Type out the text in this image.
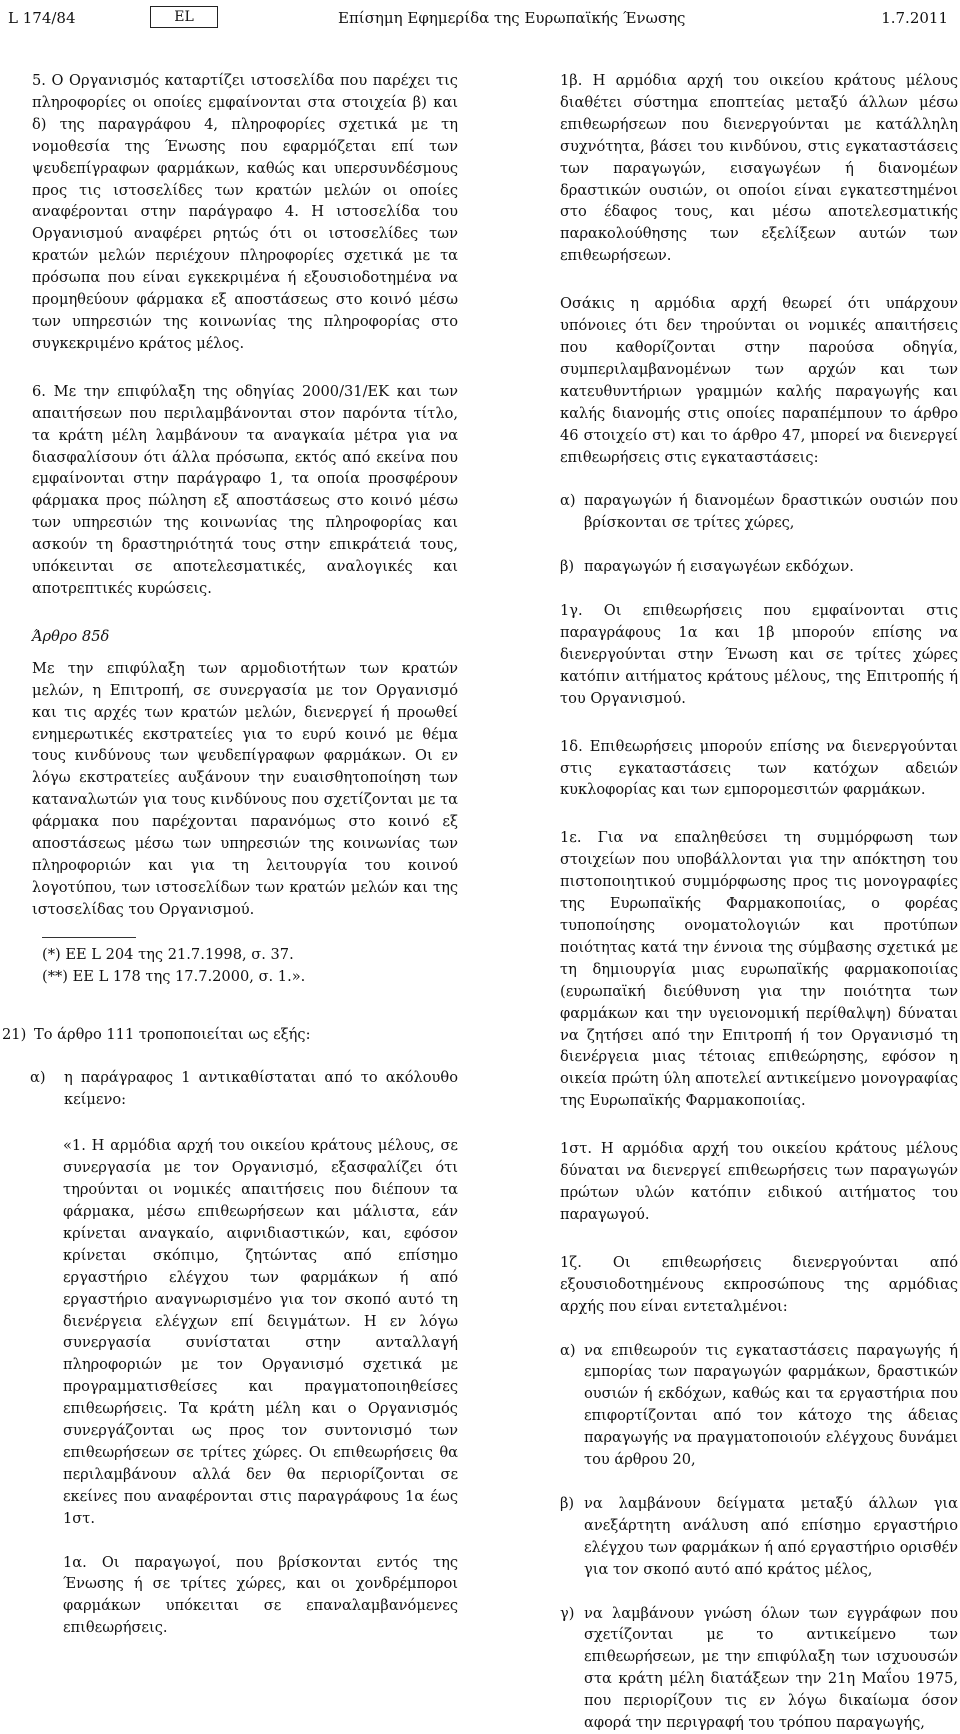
L 174/84	EL	Επίσημη Εφημερίδα της Ευρωπαϊκής Ένωσης	1.7.2011

5. Ο Οργανισμός καταρτίζει ιστοσελίδα που παρέχει τις πληροφορίες οι οποίες εμφαίνονται στα στοιχεία β) και δ) της παραγράφου 4, πληροφορίες σχετικά με τη νομοθεσία της Ένωσης που εφαρμόζεται επί των ψευδεπίγραφων φαρμάκων, καθώς και υπερσυνδέσμους προς τις ιστοσελίδες των κρατών μελών οι οποίες αναφέρονται στην παράγραφο 4. Η ιστοσελίδα του Οργανισμού αναφέρει ρητώς ότι οι ιστοσελίδες των κρατών μελών περιέχουν πληροφορίες σχετικά με τα πρόσωπα που είναι εγκεκριμένα ή εξουσιοδοτημένα να προμηθεύουν φάρμακα εξ αποστάσεως στο κοινό μέσω των υπηρεσιών της κοινωνίας της πληροφορίας στο συγκεκριμένο κράτος μέλος.

6. Με την επιφύλαξη της οδηγίας 2000/31/ΕΚ και των απαιτήσεων που περιλαμβάνονται στον παρόντα τίτλο, τα κράτη μέλη λαμβάνουν τα αναγκαία μέτρα για να διασφαλίσουν ότι άλλα πρόσωπα, εκτός από εκείνα που εμφαίνονται στην παράγραφο 1, τα οποία προσφέρουν φάρμακα προς πώληση εξ αποστάσεως στο κοινό μέσω των υπηρεσιών της κοινωνίας της πληροφορίας και ασκούν τη δραστηριότητά τους στην επικράτειά τους, υπόκεινται σε αποτελεσματικές, αναλογικές και αποτρεπτικές κυρώσεις.

Άρθρο 85δ

Με την επιφύλαξη των αρμοδιοτήτων των κρατών μελών, η Επιτροπή, σε συνεργασία με τον Οργανισμό και τις αρχές των κρατών μελών, διενεργεί ή προωθεί ενημερωτικές εκστρατείες για το ευρύ κοινό με θέμα τους κινδύνους των ψευδεπίγραφων φαρμάκων. Οι εν λόγω εκστρατείες αυξάνουν την ευαισθητοποίηση των καταναλωτών για τους κινδύνους που σχετίζονται με τα φάρμακα που παρέχονται παρανόμως στο κοινό εξ αποστάσεως μέσω των υπηρεσιών της κοινωνίας των πληροφοριών και για τη λειτουργία του κοινού λογοτύπου, των ιστοσελίδων των κρατών μελών και της ιστοσελίδας του Οργανισμού.

(*) ΕΕ L 204 της 21.7.1998, σ. 37.
(**) ΕΕ L 178 της 17.7.2000, σ. 1.».
21) Το άρθρο 111 τροποποιείται ως εξής:
α)	η παράγραφος 1 αντικαθίσταται από το ακόλουθο κείμενο:

«1. Η αρμόδια αρχή του οικείου κράτους μέλους, σε συνεργασία με τον Οργανισμό, εξασφαλίζει ότι τηρούνται οι νομικές απαιτήσεις που διέπουν τα φάρμακα, μέσω επιθεωρήσεων και μάλιστα, εάν κρίνεται αναγκαίο, αιφνιδιαστικών, και, εφόσον κρίνεται σκόπιμο, ζητώντας από επίσημο εργαστήριο ελέγχου των φαρμάκων ή από εργαστήριο αναγνωρισμένο για τον σκοπό αυτό τη διενέργεια ελέγχων επί δειγμάτων. Η εν λόγω συνεργασία συνίσταται στην ανταλλαγή πληροφοριών με τον Οργανισμό σχετικά με προγραμματισθείσες και πραγματοποιηθείσες επιθεωρήσεις. Τα κράτη μέλη και ο Οργανισμός συνεργάζονται ως προς τον συντονισμό των επιθεωρήσεων σε τρίτες χώρες. Οι επιθεωρήσεις θα περιλαμβάνουν αλλά δεν θα περιορίζονται σε εκείνες που αναφέρονται στις παραγράφους 1α έως 1στ.

1α. Οι παραγωγοί, που βρίσκονται εντός της Ένωσης ή σε τρίτες χώρες, και οι χονδρέμποροι φαρμάκων υπόκειται σε επαναλαμβανόμενες επιθεωρήσεις.

1β. Η αρμόδια αρχή του οικείου κράτους μέλους διαθέτει σύστημα εποπτείας μεταξύ άλλων μέσω επιθεωρήσεων που διενεργούνται με κατάλληλη συχνότητα, βάσει του κινδύνου, στις εγκαταστάσεις των παραγωγών, εισαγωγέων ή διανομέων δραστικών ουσιών, οι οποίοι είναι εγκατεστημένοι στο έδαφος τους, και μέσω αποτελεσματικής παρακολούθησης των εξελίξεων αυτών των επιθεωρήσεων.

Οσάκις η αρμόδια αρχή θεωρεί ότι υπάρχουν υπόνοιες ότι δεν τηρούνται οι νομικές απαιτήσεις που καθορίζονται στην παρούσα οδηγία, συμπεριλαμβανομένων των αρχών και των κατευθυντήριων γραμμών καλής παραγωγής και καλής διανομής στις οποίες παραπέμπουν το άρθρο 46 στοιχείο στ) και το άρθρο 47, μπορεί να διενεργεί επιθεωρήσεις στις εγκαταστάσεις:

α) παραγωγών ή διανομέων δραστικών ουσιών που βρίσκονται σε τρίτες χώρες,
β) παραγωγών ή εισαγωγέων εκδόχων.

1γ. Οι επιθεωρήσεις που εμφαίνονται στις παραγράφους 1α και 1β μπορούν επίσης να διενεργούνται στην Ένωση και σε τρίτες χώρες κατόπιν αιτήματος κράτους μέλους, της Επιτροπής ή του Οργανισμού.

1δ. Επιθεωρήσεις μπορούν επίσης να διενεργούνται στις εγκαταστάσεις των κατόχων αδειών κυκλοφορίας και των εμπορομεσιτών φαρμάκων.

1ε. Για να επαληθεύσει τη συμμόρφωση των στοιχείων που υποβάλλονται για την απόκτηση του πιστοποιητικού συμμόρφωσης προς τις μονογραφίες της Ευρωπαϊκής Φαρμακοποιίας, ο φορέας τυποποίησης ονοματολογιών και προτύπων ποιότητας κατά την έννοια της σύμβασης σχετικά με τη δημιουργία μιας ευρωπαϊκής φαρμακοποιίας (ευρωπαϊκή διεύθυνση για την ποιότητα των φαρμάκων και την υγειονομική περίθαλψη) δύναται να ζητήσει από την Επιτροπή ή τον Οργανισμό τη διενέργεια μιας τέτοιας επιθεώρησης, εφόσον η οικεία πρώτη ύλη αποτελεί αντικείμενο μονογραφίας της Ευρωπαϊκής Φαρμακοποιίας.

1στ. Η αρμόδια αρχή του οικείου κράτους μέλους δύναται να διενεργεί επιθεωρήσεις των παραγωγών πρώτων υλών κατόπιν ειδικού αιτήματος του παραγωγού.

1ζ. Οι επιθεωρήσεις διενεργούνται από εξουσιοδοτημένους εκπροσώπους της αρμόδιας αρχής που είναι εντεταλμένοι:

α) να επιθεωρούν τις εγκαταστάσεις παραγωγής ή εμπορίας των παραγωγών φαρμάκων, δραστικών ουσιών ή εκδόχων, καθώς και τα εργαστήρια που επιφορτίζονται από τον κάτοχο της άδειας παραγωγής να πραγματοποιούν ελέγχους δυνάμει του άρθρου 20,
β) να λαμβάνουν δείγματα μεταξύ άλλων για ανεξάρτητη ανάλυση από επίσημο εργαστήριο ελέγχου των φαρμάκων ή από εργαστήριο ορισθέν για τον σκοπό αυτό από κράτος μέλος,
γ) να λαμβάνουν γνώση όλων των εγγράφων που σχετίζονται με το αντικείμενο των επιθεωρήσεων, με την επιφύλαξη των ισχυουσών στα κράτη μέλη διατάξεων την 21η Μαΐου 1975, που περιορίζουν τις εν λόγω δικαίωμα όσον αφορά την περιγραφή του τρόπου παραγωγής,
